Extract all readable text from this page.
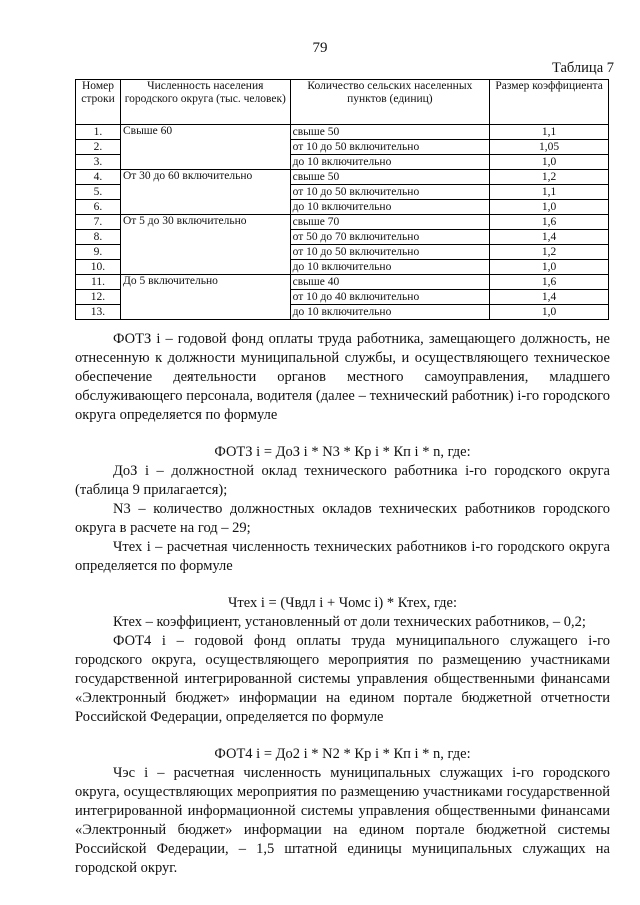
79
Таблица 7
Номер строки	Численность населения городского округа (тыс. человек)	Количество сельских населенных пунктов (единиц)	Размер коэффициента
1.	Свыше 60	свыше 50	1,1
2.		от 10 до 50 включительно	1,05
3.		до 10 включительно	1,0
4.	От 30 до 60 включительно	свыше 50	1,2
5.		от 10 до 50 включительно	1,1
6.		до 10 включительно	1,0
7.	От 5 до 30 включительно	свыше 70	1,6
8.		от 50 до 70 включительно	1,4
9.		от 10 до 50 включительно	1,2
10.		до 10 включительно	1,0
11.	До 5 включительно	свыше 40	1,6
12.		от 10 до 40 включительно	1,4
13.		до 10 включительно	1,0

ФОТЗ i – годовой фонд оплаты труда работника, замещающего должность, не отнесенную к должности муниципальной службы, и осуществляющего техническое обеспечение деятельности органов местного самоуправления, младшего обслуживающего персонала, водителя (далее – технический работник) i-го городского округа определяется по формуле

ФОТЗ i = ДоЗ i * N3 * Кр i * Кп i * n, где:

ДоЗ i – должностной оклад технического работника i-го городского округа (таблица 9 прилагается);

N3 – количество должностных окладов технических работников городского округа в расчете на год – 29;

Чтех i – расчетная численность технических работников i-го городского округа определяется по формуле

Чтех i = (Чвдл i + Чомс i) * Ктех, где:

Ктех – коэффициент, установленный от доли технических работников, – 0,2;

ФОТ4 i – годовой фонд оплаты труда муниципального служащего i-го городского округа, осуществляющего мероприятия по размещению участниками государственной интегрированной системы управления общественными финансами «Электронный бюджет» информации на едином портале бюджетной отчетности Российской Федерации, определяется по формуле

ФОТ4 i = До2 i * N2 * Кр i * Кп i * n, где:

Чэс i – расчетная численность муниципальных служащих i-го городского округа, осуществляющих мероприятия по размещению участниками государственной интегрированной информационной системы управления общественными финансами «Электронный бюджет» информации на едином портале бюджетной системы Российской Федерации, – 1,5 штатной единицы муниципальных служащих на городской округ.
